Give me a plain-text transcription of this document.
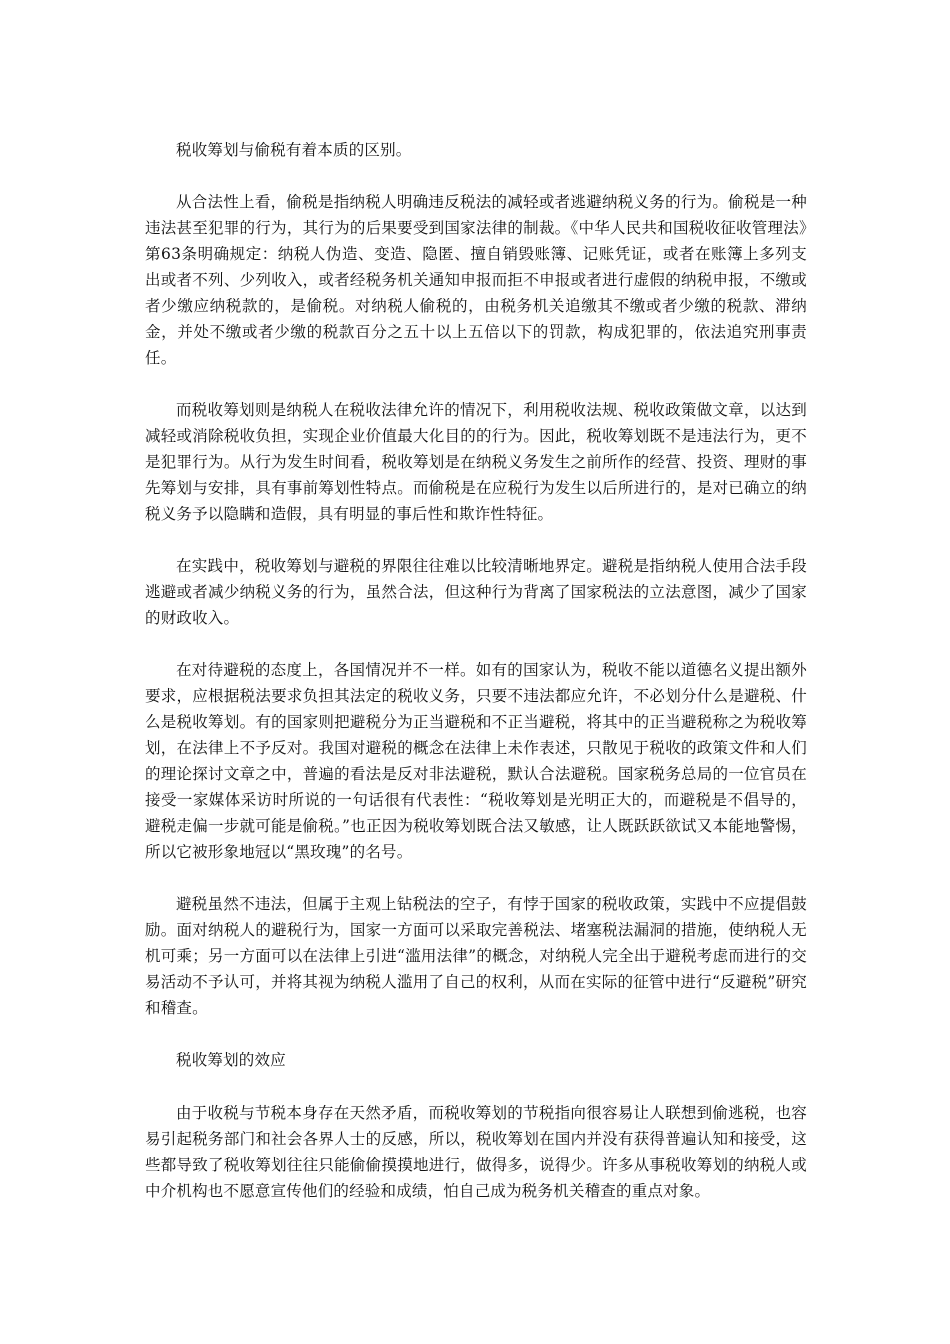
税收筹划与偷税有着本质的区别。

从合法性上看，偷税是指纳税人明确违反税法的减轻或者逃避纳税义务的行为。偷税是一种违法甚至犯罪的行为，其行为的后果要受到国家法律的制裁。《中华人民共和国税收征收管理法》第63条明确规定：纳税人伪造、变造、隐匿、擅自销毁账簿、记账凭证，或者在账簿上多列支出或者不列、少列收入，或者经税务机关通知申报而拒不申报或者进行虚假的纳税申报，不缴或者少缴应纳税款的，是偷税。对纳税人偷税的，由税务机关追缴其不缴或者少缴的税款、滞纳金，并处不缴或者少缴的税款百分之五十以上五倍以下的罚款，构成犯罪的，依法追究刑事责任。

而税收筹划则是纳税人在税收法律允许的情况下，利用税收法规、税收政策做文章，以达到减轻或消除税收负担，实现企业价值最大化目的的行为。因此，税收筹划既不是违法行为，更不是犯罪行为。从行为发生时间看，税收筹划是在纳税义务发生之前所作的经营、投资、理财的事先筹划与安排，具有事前筹划性特点。而偷税是在应税行为发生以后所进行的，是对已确立的纳税义务予以隐瞒和造假，具有明显的事后性和欺诈性特征。

在实践中，税收筹划与避税的界限往往难以比较清晰地界定。避税是指纳税人使用合法手段逃避或者减少纳税义务的行为，虽然合法，但这种行为背离了国家税法的立法意图，减少了国家的财政收入。

在对待避税的态度上，各国情况并不一样。如有的国家认为，税收不能以道德名义提出额外要求，应根据税法要求负担其法定的税收义务，只要不违法都应允许，不必划分什么是避税、什么是税收筹划。有的国家则把避税分为正当避税和不正当避税，将其中的正当避税称之为税收筹划，在法律上不予反对。我国对避税的概念在法律上未作表述，只散见于税收的政策文件和人们的理论探讨文章之中，普遍的看法是反对非法避税，默认合法避税。国家税务总局的一位官员在接受一家媒体采访时所说的一句话很有代表性：“税收筹划是光明正大的，而避税是不倡导的，避税走偏一步就可能是偷税。”也正因为税收筹划既合法又敏感，让人既跃跃欲试又本能地警惕，所以它被形象地冠以“黑玫瑰”的名号。

避税虽然不违法，但属于主观上钻税法的空子，有悖于国家的税收政策，实践中不应提倡鼓励。面对纳税人的避税行为，国家一方面可以采取完善税法、堵塞税法漏洞的措施，使纳税人无机可乘；另一方面可以在法律上引进“滥用法律”的概念，对纳税人完全出于避税考虑而进行的交易活动不予认可，并将其视为纳税人滥用了自己的权利，从而在实际的征管中进行“反避税”研究和稽查。

税收筹划的效应

由于收税与节税本身存在天然矛盾，而税收筹划的节税指向很容易让人联想到偷逃税，也容易引起税务部门和社会各界人士的反感，所以，税收筹划在国内并没有获得普遍认知和接受，这些都导致了税收筹划往往只能偷偷摸摸地进行，做得多，说得少。许多从事税收筹划的纳税人或中介机构也不愿意宣传他们的经验和成绩，怕自己成为税务机关稽查的重点对象。
